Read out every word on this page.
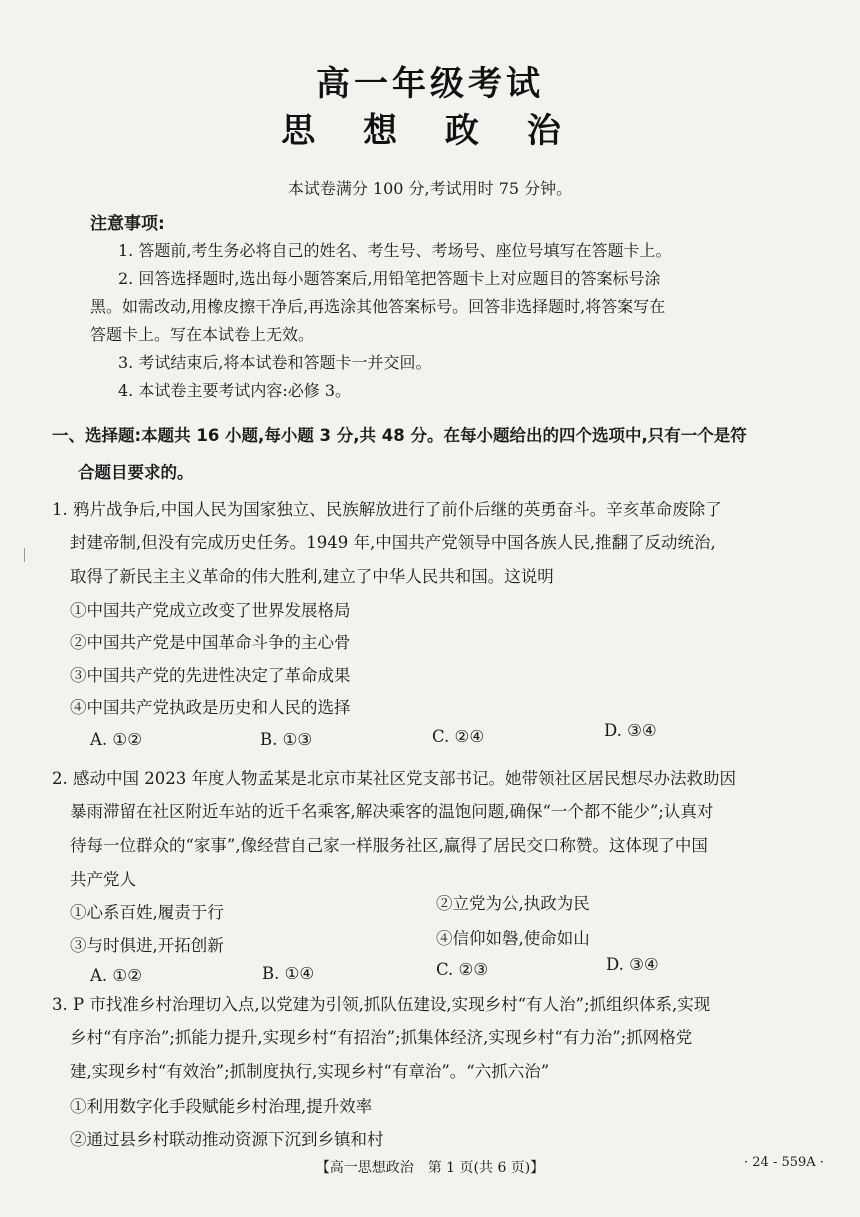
高一年级考试
思 想 政 治
本试卷满分 100 分,考试用时 75 分钟。
注意事项:
1. 答题前,考生务必将自己的姓名、考生号、考场号、座位号填写在答题卡上。
2. 回答选择题时,选出每小题答案后,用铅笔把答题卡上对应题目的答案标号涂
黑。如需改动,用橡皮擦干净后,再选涂其他答案标号。回答非选择题时,将答案写在
答题卡上。写在本试卷上无效。
3. 考试结束后,将本试卷和答题卡一并交回。
4. 本试卷主要考试内容:必修 3。
一、选择题:本题共 16 小题,每小题 3 分,共 48 分。在每小题给出的四个选项中,只有一个是符
合题目要求的。
1. 鸦片战争后,中国人民为国家独立、民族解放进行了前仆后继的英勇奋斗。辛亥革命废除了
封建帝制,但没有完成历史任务。1949 年,中国共产党领导中国各族人民,推翻了反动统治,
取得了新民主主义革命的伟大胜利,建立了中华人民共和国。这说明
①中国共产党成立改变了世界发展格局
②中国共产党是中国革命斗争的主心骨
③中国共产党的先进性决定了革命成果
④中国共产党执政是历史和人民的选择
A. ①②	B. ①③	C. ②④	D. ③④
2. 感动中国 2023 年度人物孟某是北京市某社区党支部书记。她带领社区居民想尽办法救助因
暴雨滞留在社区附近车站的近千名乘客,解决乘客的温饱问题,确保“一个都不能少”;认真对
待每一位群众的“家事”,像经营自己家一样服务社区,赢得了居民交口称赞。这体现了中国
共产党人
①心系百姓,履责于行	②立党为公,执政为民
③与时俱进,开拓创新	④信仰如磐,使命如山
A. ①②	B. ①④	C. ②③	D. ③④
3. P 市找准乡村治理切入点,以党建为引领,抓队伍建设,实现乡村“有人治”;抓组织体系,实现
乡村“有序治”;抓能力提升,实现乡村“有招治”;抓集体经济,实现乡村“有力治”;抓网格党
建,实现乡村“有效治”;抓制度执行,实现乡村“有章治”。“六抓六治”
①利用数字化手段赋能乡村治理,提升效率
②通过县乡村联动推动资源下沉到乡镇和村
【高一思想政治　第 1 页(共 6 页)】	· 24 - 559A ·
